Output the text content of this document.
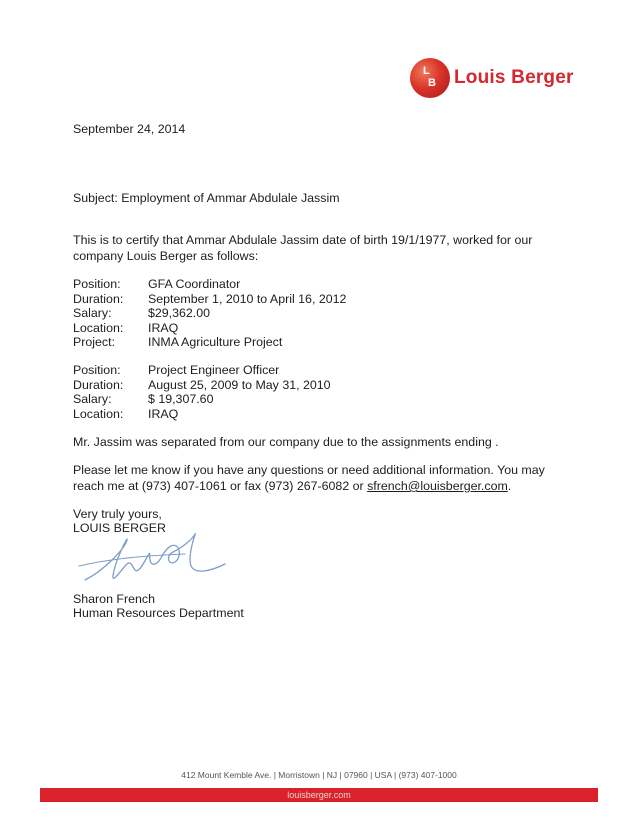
L
B Louis Berger
September 24, 2014
Subject: Employment of Ammar Abdulale Jassim
This is to certify that Ammar Abdulale Jassim date of birth 19/1/1977, worked for our
company Louis Berger as follows:
Position: GFA Coordinator
Duration: September 1, 2010 to April 16, 2012
Salary:	$29,362.00
Location: IRAQ
Project:	INMA Agriculture Project
Position: Project Engineer Officer
Duration: August 25, 2009 to May 31, 2010
Salary:	$ 19,307.60
Location: IRAQ
Mr. Jassim was separated from our company due to the assignments ending .
Please let me know if you have any questions or need additional information. You may
reach me at (973) 407-1061 or fax (973) 267-6082 or sfrench@louisberger.com.
Very truly yours,
LOUIS BERGER
Sharon French
Human Resources Department
412 Mount Kemble Ave. | Morristown | NJ | 07960 | USA | (973) 407-1000
louisberger.com
